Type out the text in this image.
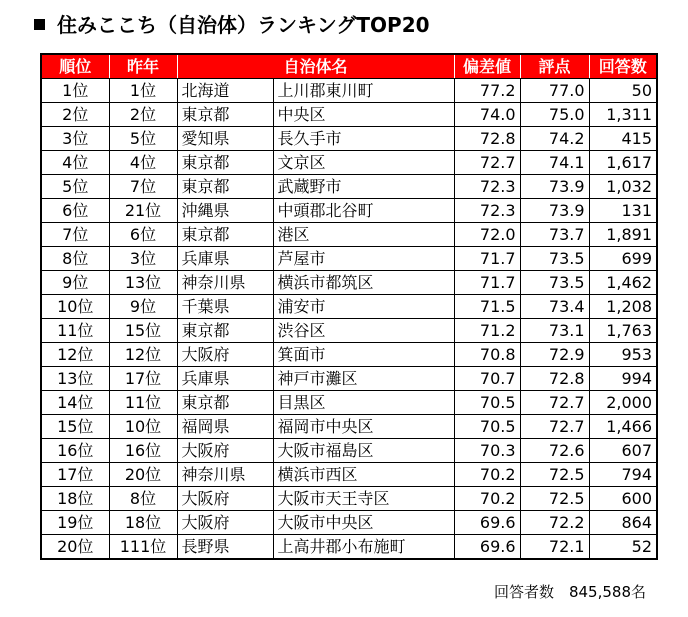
住みここち（自治体）ランキングTOP20
順位	昨年	自治体名		偏差値	評点	回答数
1位	1位	北海道	上川郡東川町	77.2	77.0	50
2位	2位	東京都	中央区	74.0	75.0	1,311
3位	5位	愛知県	長久手市	72.8	74.2	415
4位	4位	東京都	文京区	72.7	74.1	1,617
5位	7位	東京都	武蔵野市	72.3	73.9	1,032
6位	21位	沖縄県	中頭郡北谷町	72.3	73.9	131
7位	6位	東京都	港区	72.0	73.7	1,891
8位	3位	兵庫県	芦屋市	71.7	73.5	699
9位	13位	神奈川県	横浜市都筑区	71.7	73.5	1,462
10位	9位	千葉県	浦安市	71.5	73.4	1,208
11位	15位	東京都	渋谷区	71.2	73.1	1,763
12位	12位	大阪府	箕面市	70.8	72.9	953
13位	17位	兵庫県	神戸市灘区	70.7	72.8	994
14位	11位	東京都	目黒区	70.5	72.7	2,000
15位	10位	福岡県	福岡市中央区	70.5	72.7	1,466
16位	16位	大阪府	大阪市福島区	70.3	72.6	607
17位	20位	神奈川県	横浜市西区	70.2	72.5	794
18位	8位	大阪府	大阪市天王寺区	70.2	72.5	600
19位	18位	大阪府	大阪市中央区	69.6	72.2	864
20位	111位	長野県	上高井郡小布施町	69.6	72.1	52
回答者数　845,588名
